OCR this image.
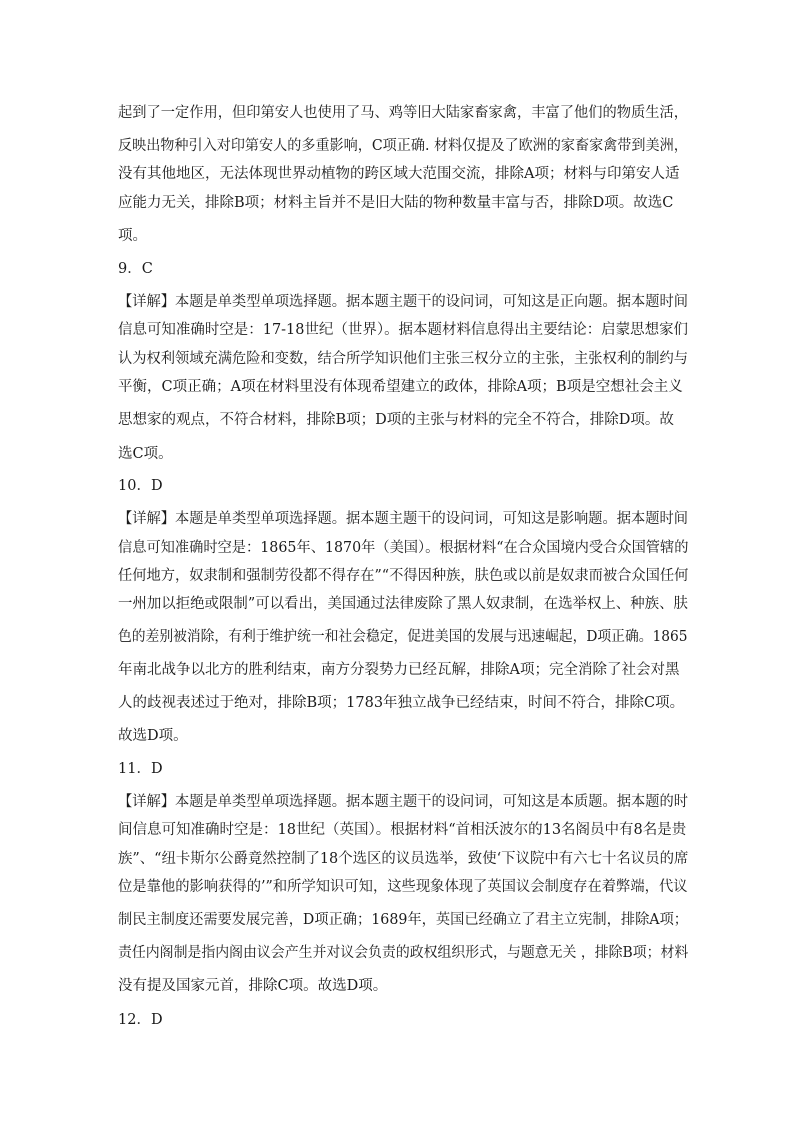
起到了一定作用，但印第安人也使用了马、鸡等旧大陆家畜家禽，丰富了他们的物质生活，
反映出物种引入对印第安人的多重影响，C项正确. 材料仅提及了欧洲的家畜家禽带到美洲，
没有其他地区，无法体现世界动植物的跨区域大范围交流，排除A项；材料与印第安人适
应能力无关，排除B项；材料主旨并不是旧大陆的物种数量丰富与否，排除D项。故选C
项。
9．C
【详解】本题是单类型单项选择题。据本题主题干的设问词，可知这是正向题。据本题时间
信息可知准确时空是：17-18世纪（世界）。据本题材料信息得出主要结论：启蒙思想家们
认为权利领域充满危险和变数，结合所学知识他们主张三权分立的主张，主张权利的制约与
平衡，C项正确；A项在材料里没有体现希望建立的政体，排除A项；B项是空想社会主义
思想家的观点，不符合材料，排除B项；D项的主张与材料的完全不符合，排除D项。故
选C项。
10．D
【详解】本题是单类型单项选择题。据本题主题干的设问词，可知这是影响题。据本题时间
信息可知准确时空是：1865年、1870年（美国）。根据材料“在合众国境内受合众国管辖的
任何地方，奴隶制和强制劳役都不得存在”“不得因种族，肤色或以前是奴隶而被合众国任何
一州加以拒绝或限制”可以看出，美国通过法律废除了黑人奴隶制，在选举权上、种族、肤
色的差别被消除，有利于维护统一和社会稳定，促进美国的发展与迅速崛起，D项正确。1865
年南北战争以北方的胜利结束，南方分裂势力已经瓦解，排除A项；完全消除了社会对黑
人的歧视表述过于绝对，排除B项；1783年独立战争已经结束，时间不符合，排除C项。
故选D项。
11．D
【详解】本题是单类型单项选择题。据本题主题干的设问词，可知这是本质题。据本题的时
间信息可知准确时空是：18世纪（英国）。根据材料“首相沃波尔的13名阁员中有8名是贵
族”、“纽卡斯尔公爵竟然控制了18个选区的议员选举，致使‘下议院中有六七十名议员的席
位是靠他的影响获得的’”和所学知识可知，这些现象体现了英国议会制度存在着弊端，代议
制民主制度还需要发展完善，D项正确；1689年，英国已经确立了君主立宪制，排除A项；
责任内阁制是指内阁由议会产生并对议会负责的政权组织形式，与题意无关 ，排除B项；材料
没有提及国家元首，排除C项。故选D项。
12．D
